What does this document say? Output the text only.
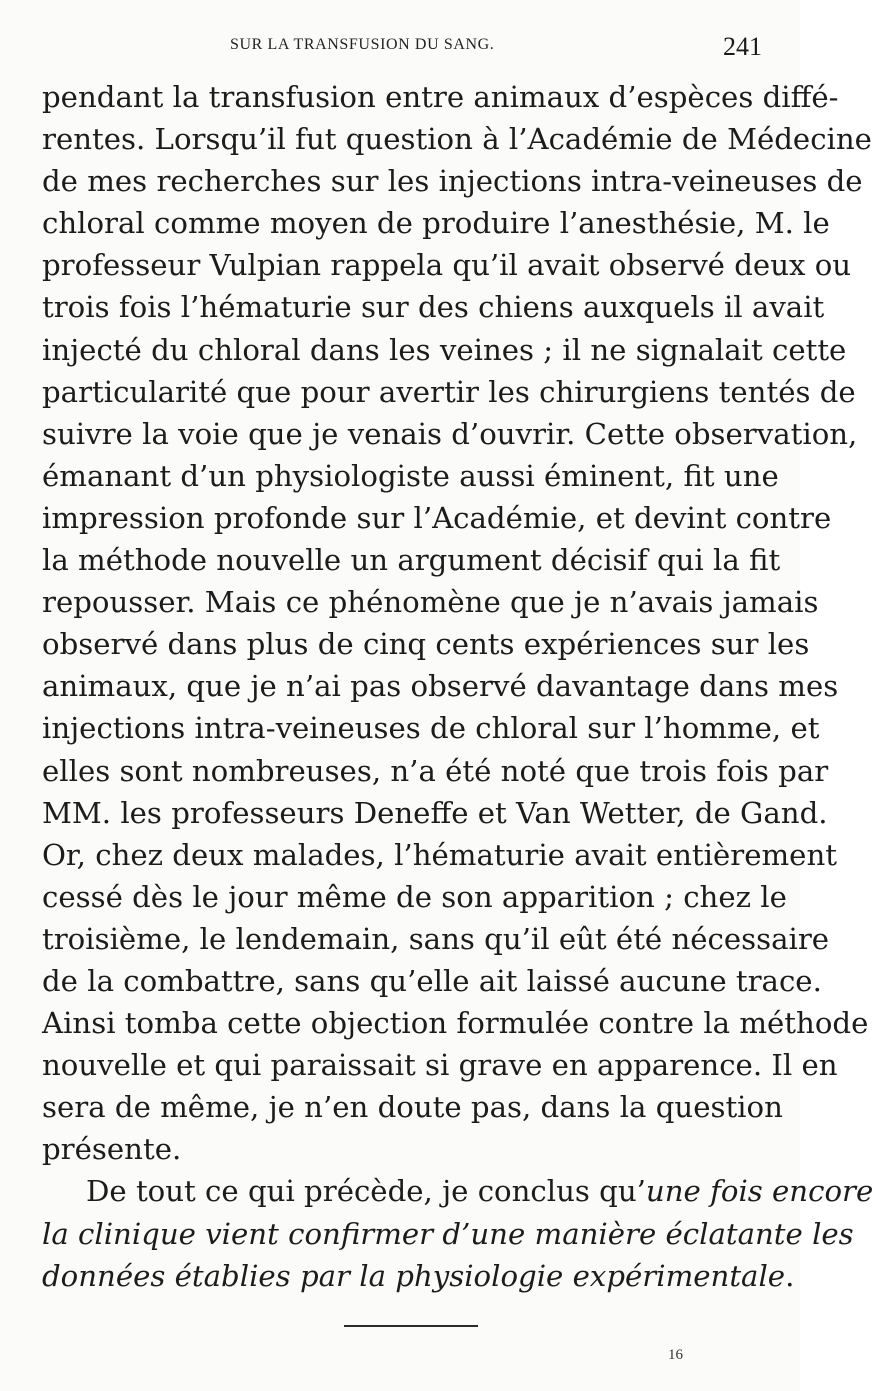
SUR LA TRANSFUSION DU SANG.	241
pendant la transfusion entre animaux d’espèces diffé-
rentes. Lorsqu’il fut question à l’Académie de Médecine
de mes recherches sur les injections intra-veineuses de
chloral comme moyen de produire l’anesthésie, M. le
professeur Vulpian rappela qu’il avait observé deux ou
trois fois l’hématurie sur des chiens auxquels il avait
injecté du chloral dans les veines ; il ne signalait cette
particularité que pour avertir les chirurgiens tentés de
suivre la voie que je venais d’ouvrir. Cette observation,
émanant d’un physiologiste aussi éminent, fit une
impression profonde sur l’Académie, et devint contre
la méthode nouvelle un argument décisif qui la fit
repousser. Mais ce phénomène que je n’avais jamais
observé dans plus de cinq cents expériences sur les
animaux, que je n’ai pas observé davantage dans mes
injections intra-veineuses de chloral sur l’homme, et
elles sont nombreuses, n’a été noté que trois fois par
MM. les professeurs Deneffe et Van Wetter, de Gand.
Or, chez deux malades, l’hématurie avait entièrement
cessé dès le jour même de son apparition ; chez le
troisième, le lendemain, sans qu’il eût été nécessaire
de la combattre, sans qu’elle ait laissé aucune trace.
Ainsi tomba cette objection formulée contre la méthode
nouvelle et qui paraissait si grave en apparence. Il en
sera de même, je n’en doute pas, dans la question
présente.
De tout ce qui précède, je conclus qu’une fois encore
la clinique vient confirmer d’une manière éclatante les
données établies par la physiologie expérimentale.
16
